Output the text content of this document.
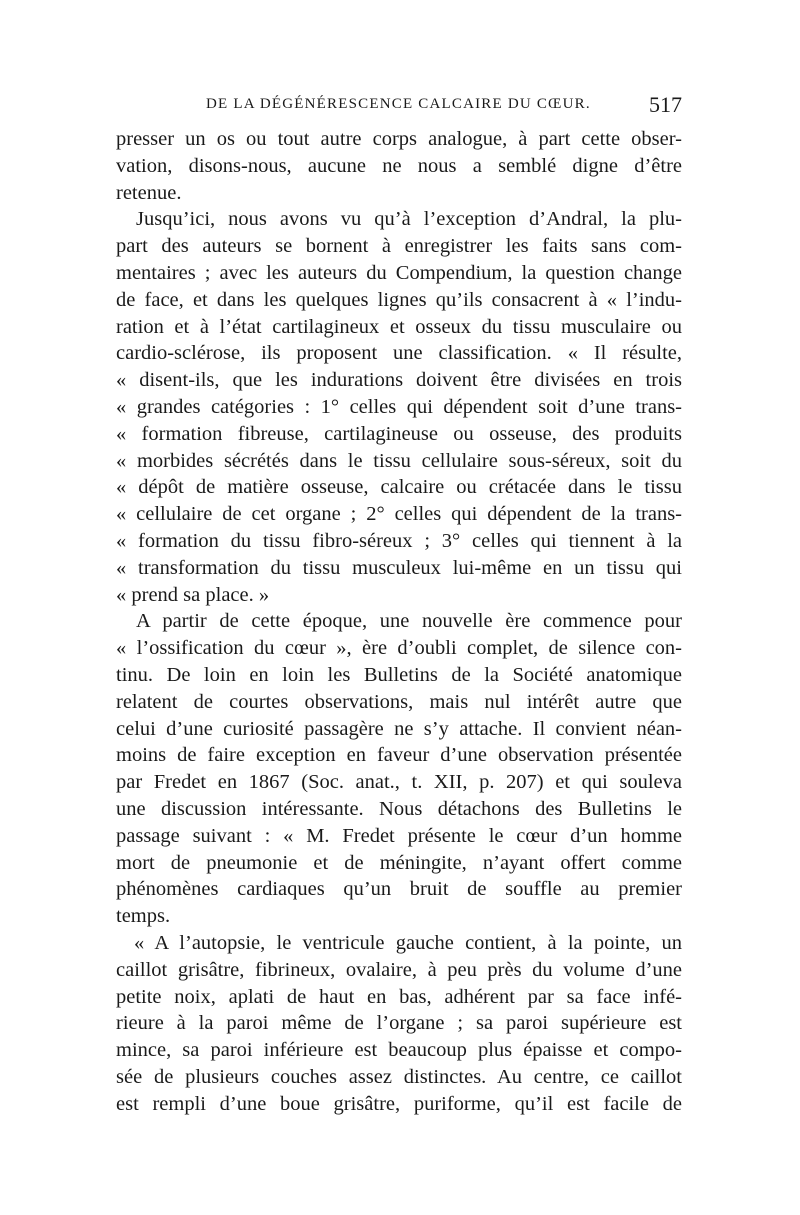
DE LA DÉGÉNÉRESCENCE CALCAIRE DU CŒUR.	517
presser un os ou tout autre corps analogue, à part cette obser-
vation, disons-nous, aucune ne nous a semblé digne d’être
retenue.
Jusqu’ici, nous avons vu qu’à l’exception d’Andral, la plu-
part des auteurs se bornent à enregistrer les faits sans com-
mentaires ; avec les auteurs du Compendium, la question change
de face, et dans les quelques lignes qu’ils consacrent à « l’indu-
ration et à l’état cartilagineux et osseux du tissu musculaire ou
cardio-sclérose, ils proposent une classification. « Il résulte,
« disent-ils, que les indurations doivent être divisées en trois
« grandes catégories : 1° celles qui dépendent soit d’une trans-
« formation fibreuse, cartilagineuse ou osseuse, des produits
« morbides sécrétés dans le tissu cellulaire sous-séreux, soit du
« dépôt de matière osseuse, calcaire ou crétacée dans le tissu
« cellulaire de cet organe ; 2° celles qui dépendent de la trans-
« formation du tissu fibro-séreux ; 3° celles qui tiennent à la
« transformation du tissu musculeux lui-même en un tissu qui
« prend sa place. »
A partir de cette époque, une nouvelle ère commence pour
« l’ossification du cœur », ère d’oubli complet, de silence con-
tinu. De loin en loin les Bulletins de la Société anatomique
relatent de courtes observations, mais nul intérêt autre que
celui d’une curiosité passagère ne s’y attache. Il convient néan-
moins de faire exception en faveur d’une observation présentée
par Fredet en 1867 (Soc. anat., t. XII, p. 207) et qui souleva
une discussion intéressante. Nous détachons des Bulletins le
passage suivant : « M. Fredet présente le cœur d’un homme
mort de pneumonie et de méningite, n’ayant offert comme
phénomènes cardiaques qu’un bruit de souffle au premier
temps.
« A l’autopsie, le ventricule gauche contient, à la pointe, un
caillot grisâtre, fibrineux, ovalaire, à peu près du volume d’une
petite noix, aplati de haut en bas, adhérent par sa face infé-
rieure à la paroi même de l’organe ; sa paroi supérieure est
mince, sa paroi inférieure est beaucoup plus épaisse et compo-
sée de plusieurs couches assez distinctes. Au centre, ce caillot
est rempli d’une boue grisâtre, puriforme, qu’il est facile de
